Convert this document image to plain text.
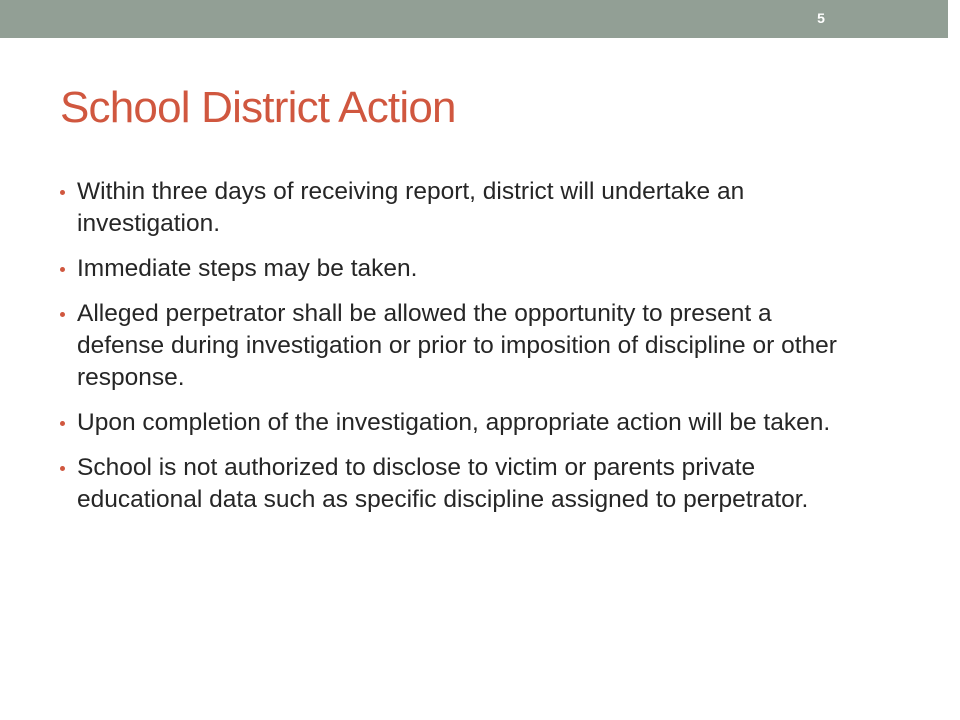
5
School District Action
Within three days of receiving report, district will undertake an investigation.
Immediate steps may be taken.
Alleged perpetrator shall be allowed the opportunity to present a defense during investigation or prior to imposition of discipline or other response.
Upon completion of the investigation, appropriate action will be taken.
School is not authorized to disclose to victim or parents private educational data such as specific discipline assigned to perpetrator.
